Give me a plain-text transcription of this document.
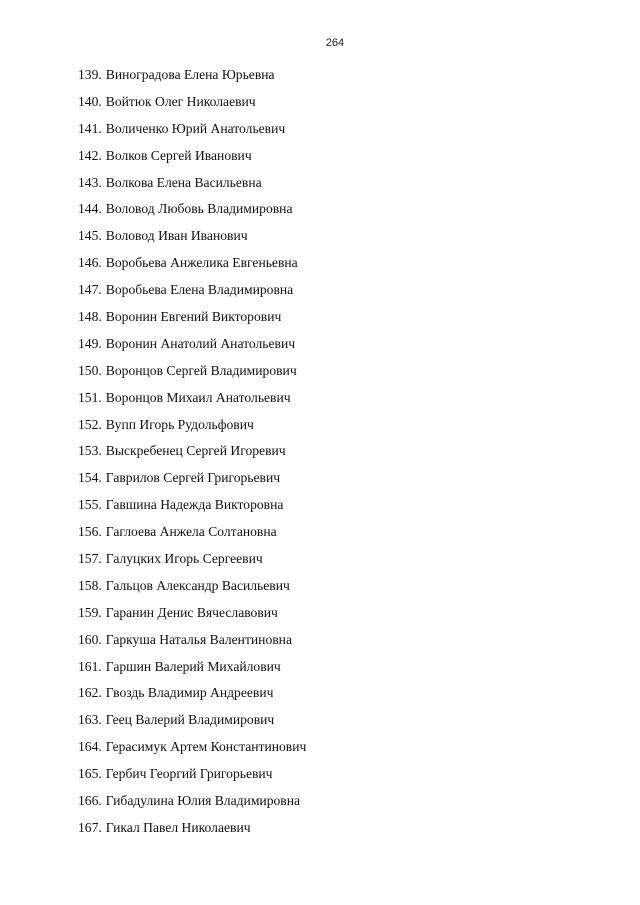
264
139. Виноградова Елена Юрьевна
140. Войтюк Олег Николаевич
141. Воличенко Юрий Анатольевич
142. Волков Сергей Иванович
143. Волкова Елена Васильевна
144. Воловод Любовь Владимировна
145. Воловод Иван Иванович
146. Воробьева Анжелика Евгеньевна
147. Воробьева Елена Владимировна
148. Воронин Евгений Викторович
149. Воронин Анатолий Анатольевич
150. Воронцов Сергей Владимирович
151. Воронцов Михаил Анатольевич
152. Вупп Игорь Рудольфович
153. Выскребенец Сергей Игоревич
154. Гаврилов Сергей Григорьевич
155. Гавшина Надежда Викторовна
156. Гаглоева Анжела Солтановна
157. Галуцких Игорь Сергеевич
158. Гальцов Александр Васильевич
159. Гаранин Денис Вячеславович
160. Гаркуша Наталья Валентиновна
161. Гаршин Валерий Михайлович
162. Гвоздь Владимир Андреевич
163. Геец Валерий Владимирович
164. Герасимук Артем Константинович
165. Гербич Георгий Григорьевич
166. Гибадулина Юлия Владимировна
167. Гикал Павел Николаевич
